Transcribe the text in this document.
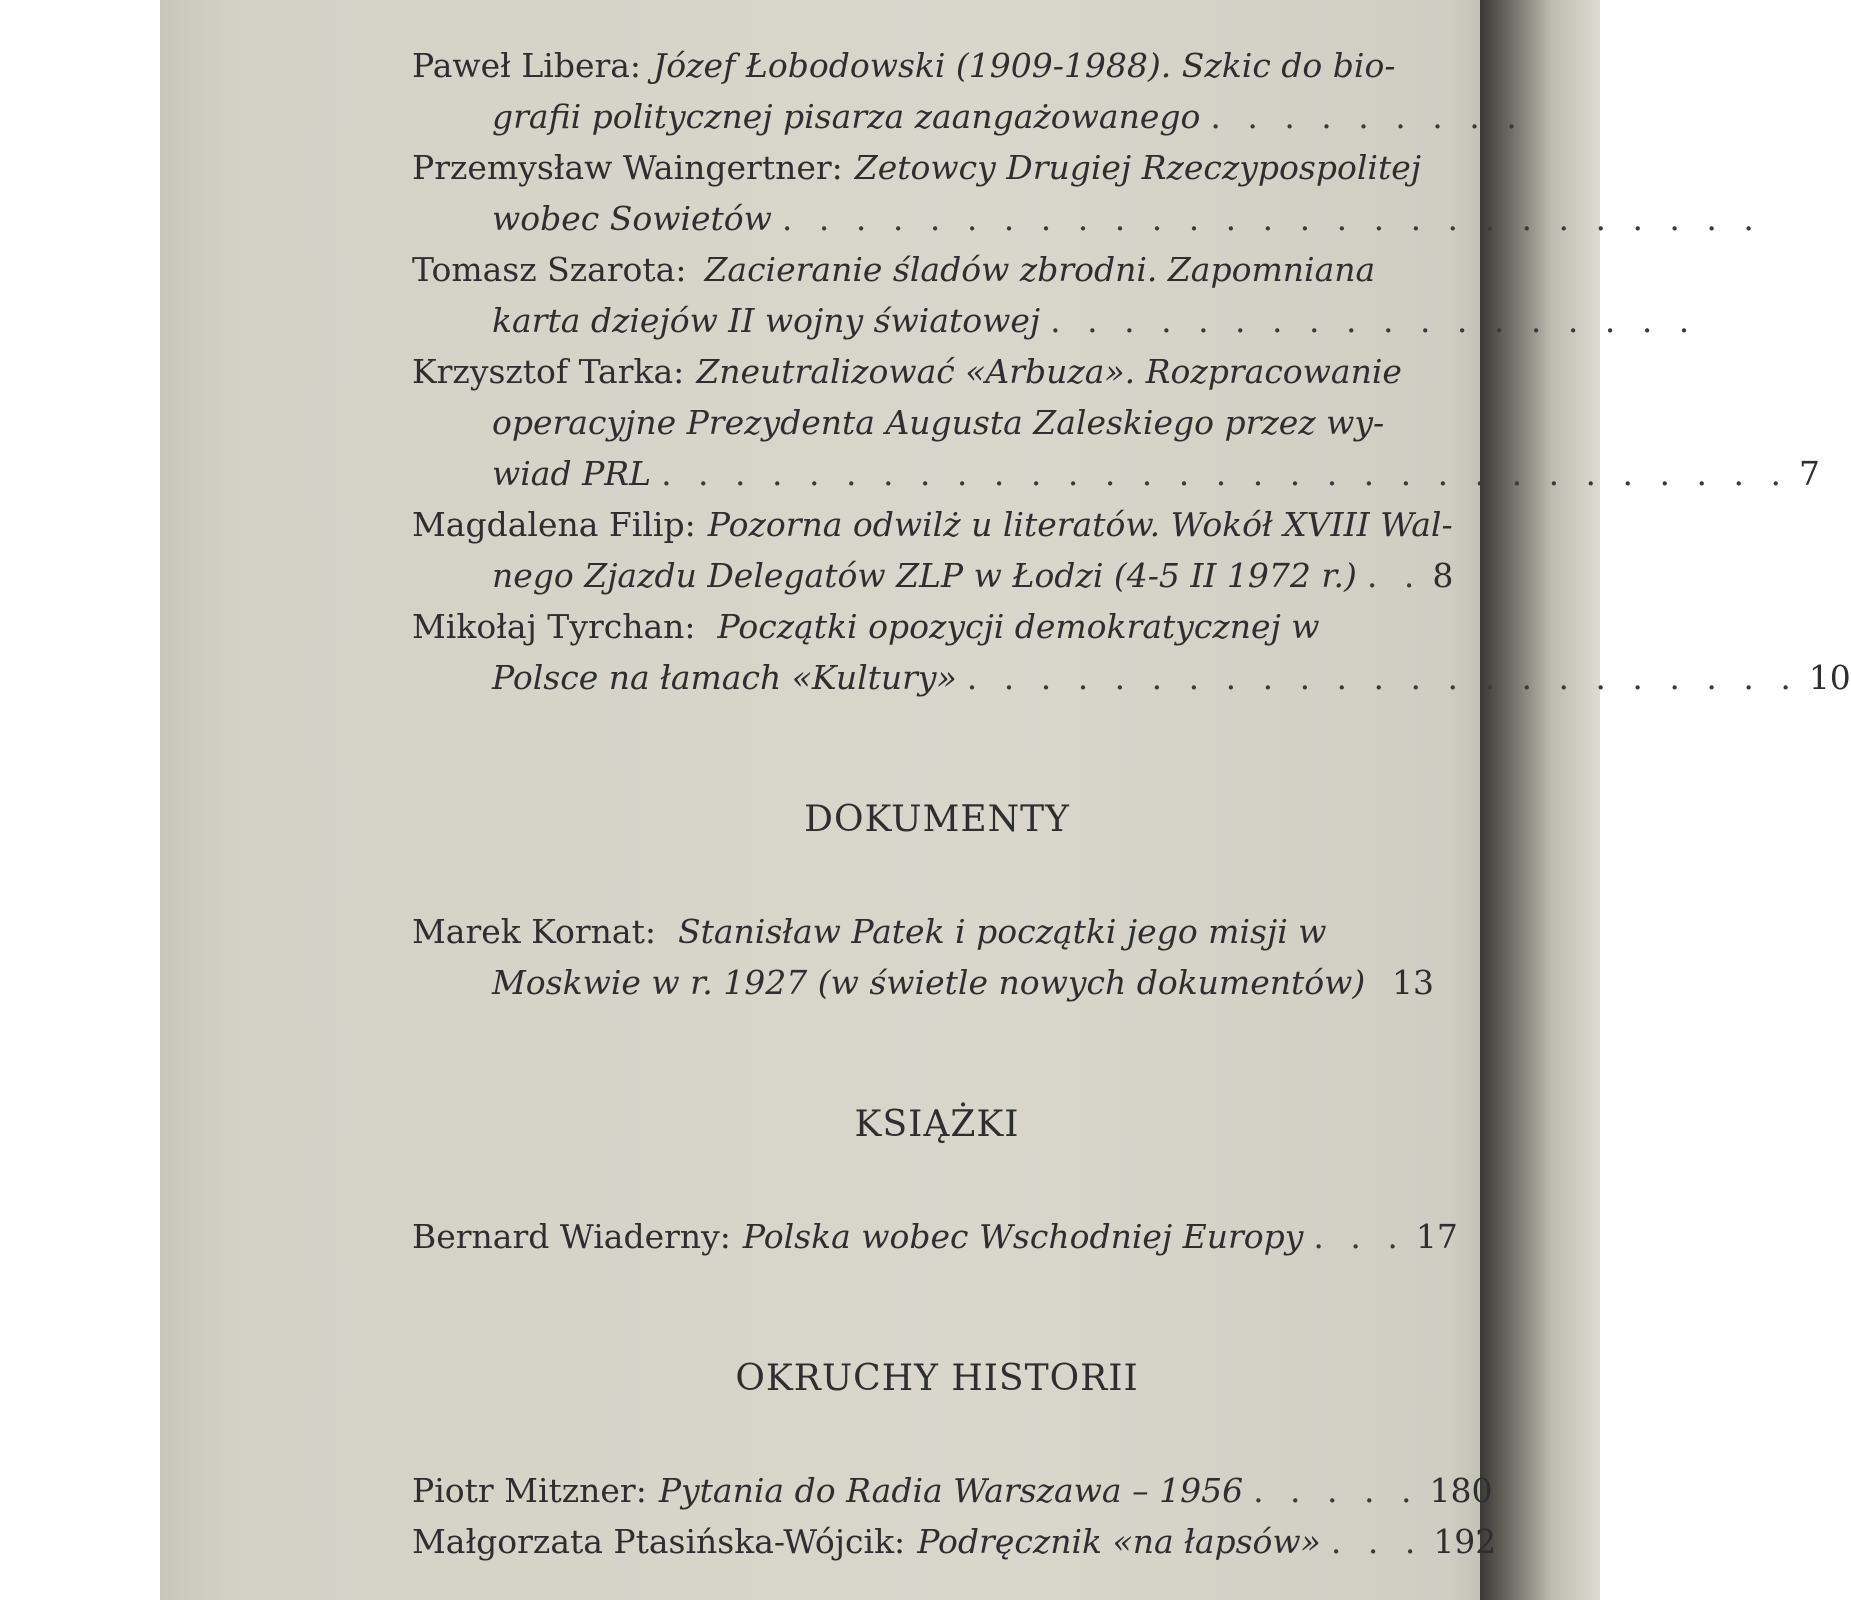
Paweł Libera: Józef Łobodowski (1909-1988). Szkic do bio-
grafii politycznej pisarza zaangażowanego . . . . . . . . .
Przemysław Waingertner: Zetowcy Drugiej Rzeczypospolitej
wobec Sowietów . . . . . . . . . . . . . . . . . . . . . . . . . . .
Tomasz Szarota: Zacieranie śladów zbrodni. Zapomniana
karta dziejów II wojny światowej . . . . . . . . . . . . . . . . . .
Krzysztof Tarka: Zneutralizować «Arbuza». Rozpracowanie
operacyjne Prezydenta Augusta Zaleskiego przez wy-
wiad PRL . . . . . . . . . . . . . . . . . . . . . . . . . . . . . . . 7
Magdalena Filip: Pozorna odwilż u literatów. Wokół XVIII Wal-
nego Zjazdu Delegatów ZLP w Łodzi (4-5 II 1972 r.) . . 8
Mikołaj Tyrchan: Początki opozycji demokratycznej w
Polsce na łamach «Kultury» . . . . . . . . . . . . . . . . . . . . . . . 10
DOKUMENTY
Marek Kornat: Stanisław Patek i początki jego misji w
Moskwie w r. 1927 (w świetle nowych dokumentów) 13
KSIĄŻKI
Bernard Wiaderny: Polska wobec Wschodniej Europy . . . 17
OKRUCHY HISTORII
Piotr Mitzner: Pytania do Radia Warszawa – 1956 . . . . . 180
Małgorzata Ptasińska-Wójcik: Podręcznik «na łapsów» . . . 192
